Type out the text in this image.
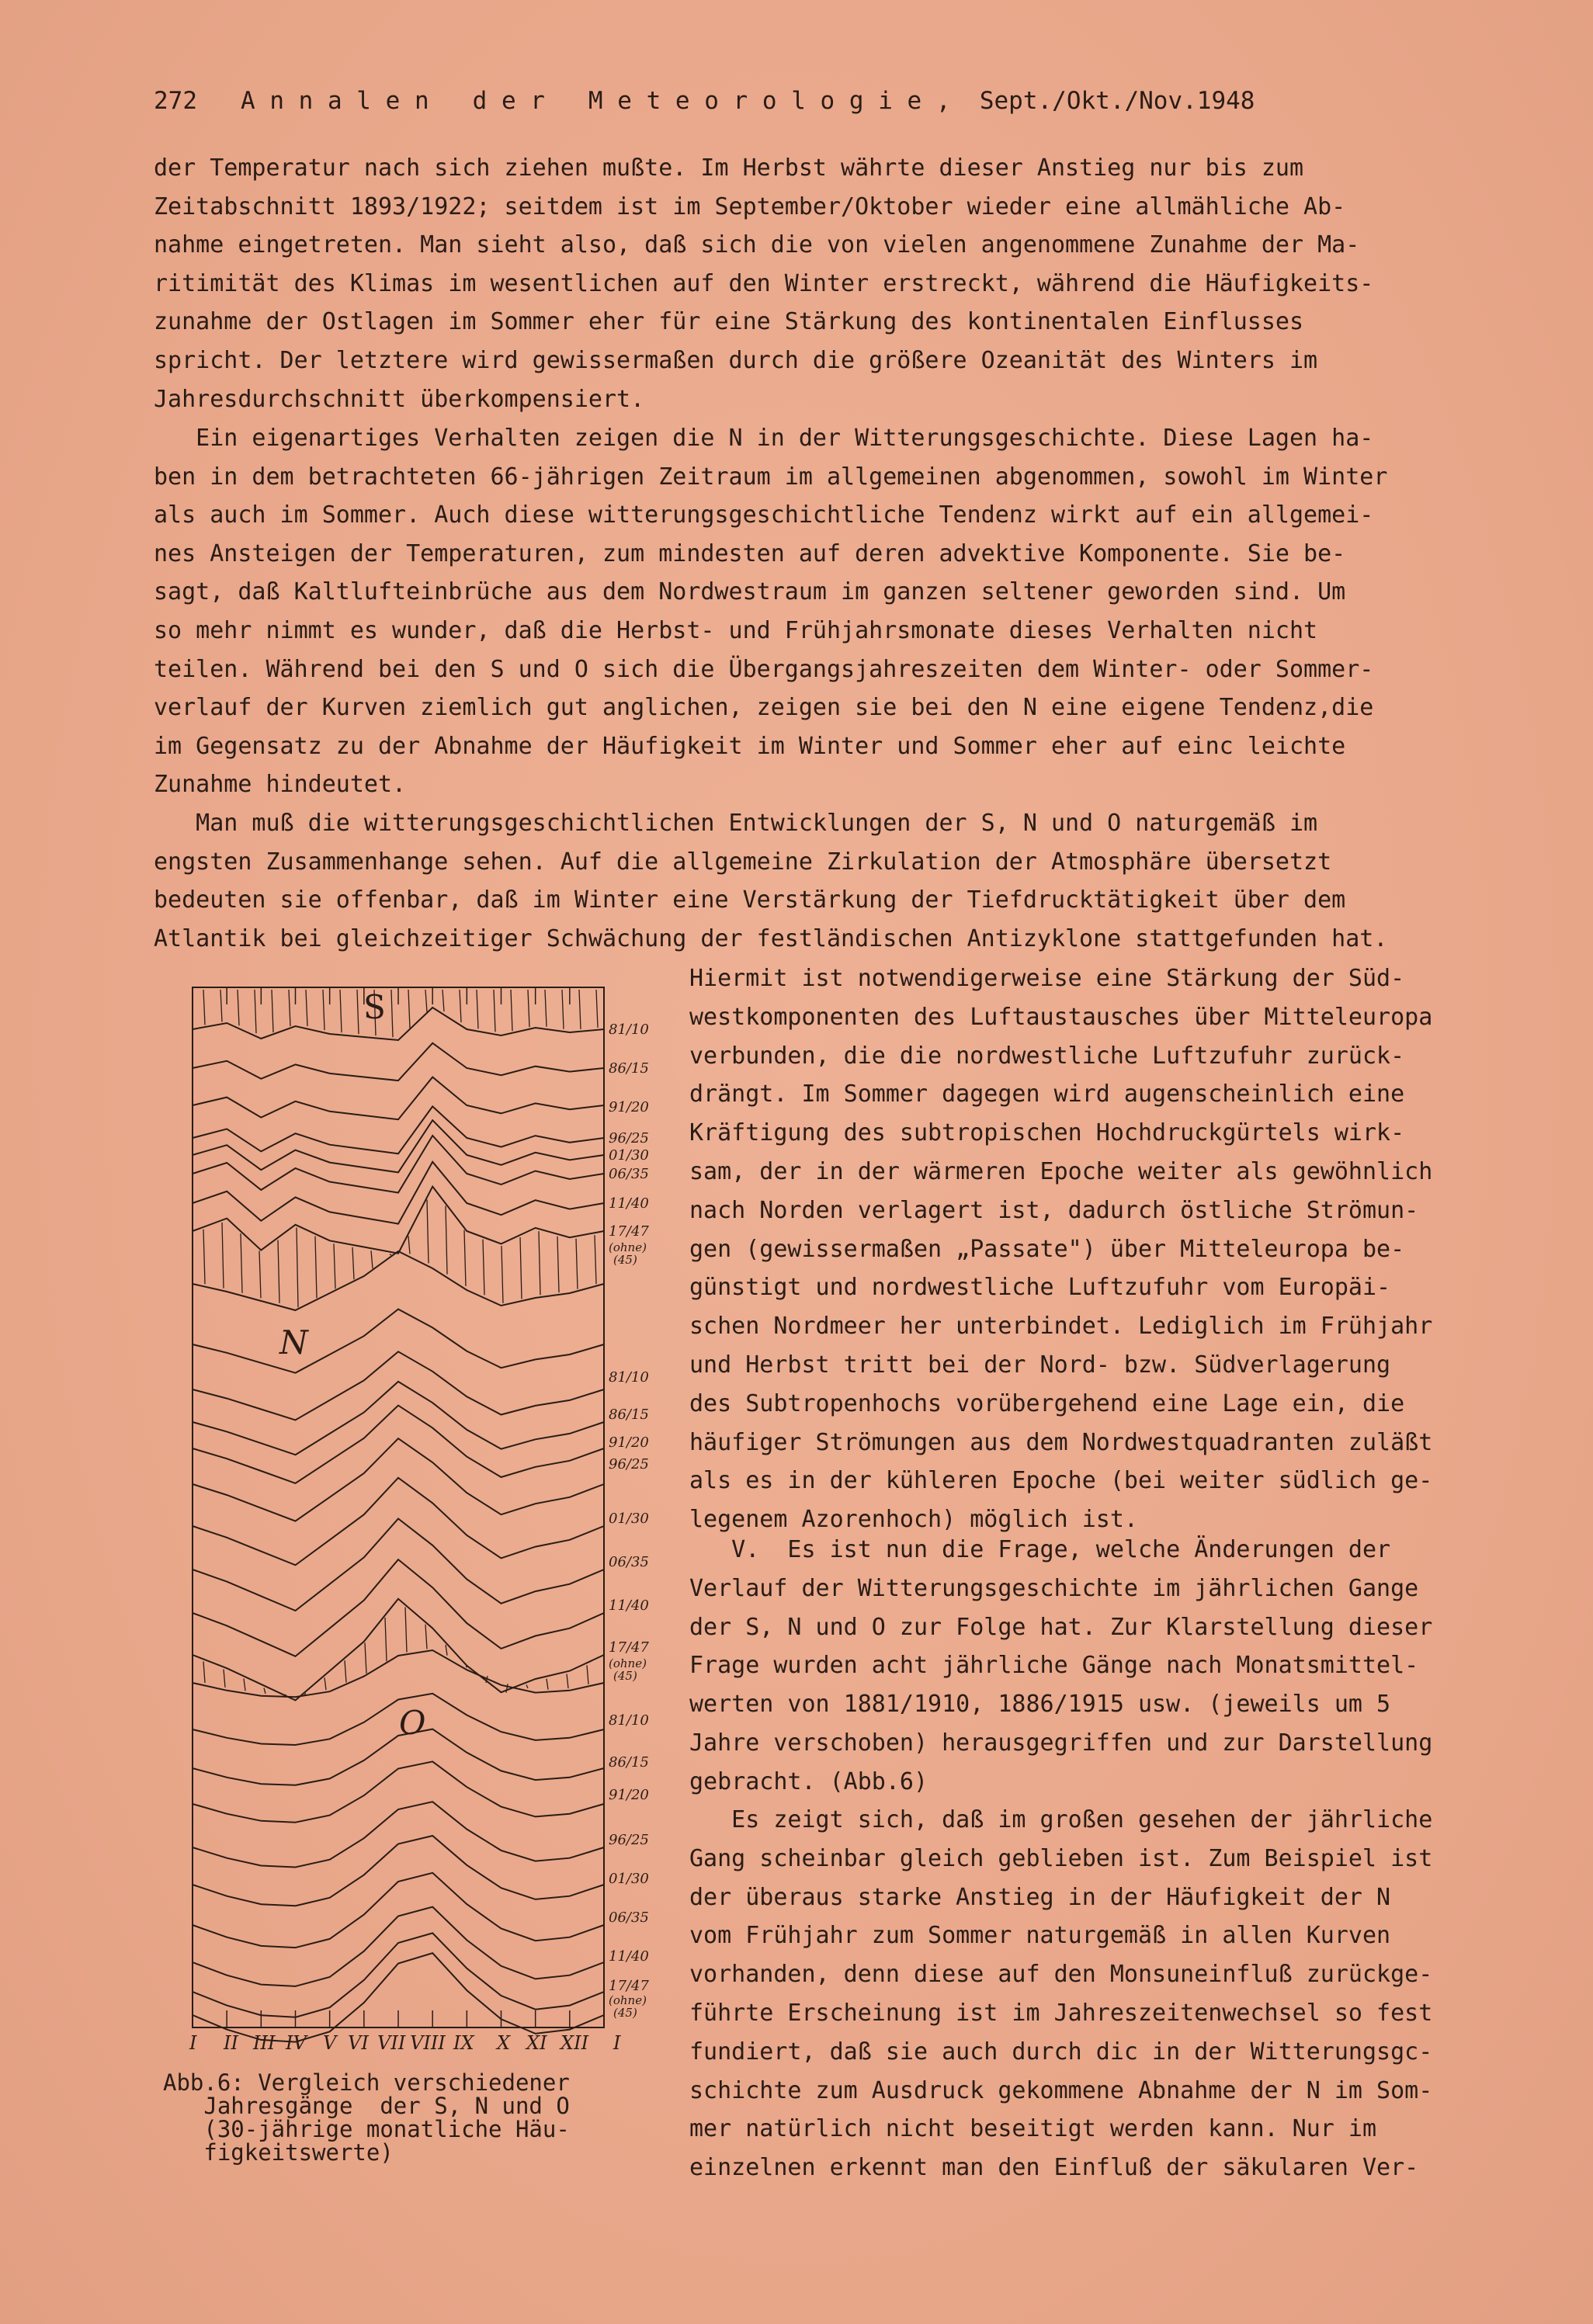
272 A n n a l e n   d e r   M e t e o r o l o g i e , Sept./Okt./Nov.1948
der Temperatur nach sich ziehen mußte. Im Herbst währte dieser Anstieg nur bis zum
Zeitabschnitt 1893/1922; seitdem ist im September/Oktober wieder eine allmähliche Ab-
nahme eingetreten. Man sieht also, daß sich die von vielen angenommene Zunahme der Ma-
ritimität des Klimas im wesentlichen auf den Winter erstreckt, während die Häufigkeits-
zunahme der Ostlagen im Sommer eher für eine Stärkung des kontinentalen Einflusses
spricht. Der letztere wird gewissermaßen durch die größere Ozeanität des Winters im
Jahresdurchschnitt überkompensiert.
Ein eigenartiges Verhalten zeigen die N in der Witterungsgeschichte. Diese Lagen ha-
ben in dem betrachteten 66-jährigen Zeitraum im allgemeinen abgenommen, sowohl im Winter
als auch im Sommer. Auch diese witterungsgeschichtliche Tendenz wirkt auf ein allgemei-
nes Ansteigen der Temperaturen, zum mindesten auf deren advektive Komponente. Sie be-
sagt, daß Kaltlufteinbrüche aus dem Nordwestraum im ganzen seltener geworden sind. Um
so mehr nimmt es wunder, daß die Herbst- und Frühjahrsmonate dieses Verhalten nicht
teilen. Während bei den S und O sich die Übergangsjahreszeiten dem Winter- oder Sommer-
verlauf der Kurven ziemlich gut anglichen, zeigen sie bei den N eine eigene Tendenz,die
im Gegensatz zu der Abnahme der Häufigkeit im Winter und Sommer eher auf einc leichte
Zunahme hindeutet.
Man muß die witterungsgeschichtlichen Entwicklungen der S, N und O naturgemäß im
engsten Zusammenhange sehen. Auf die allgemeine Zirkulation der Atmosphäre übersetzt
bedeuten sie offenbar, daß im Winter eine Verstärkung der Tiefdrucktätigkeit über dem
Atlantik bei gleichzeitiger Schwächung der festländischen Antizyklone stattgefunden hat.
Hiermit ist notwendigerweise eine Stärkung der Süd-
westkomponenten des Luftaustausches über Mitteleuropa
verbunden, die die nordwestliche Luftzufuhr zurück-
drängt. Im Sommer dagegen wird augenscheinlich eine
Kräftigung des subtropischen Hochdruckgürtels wirk-
sam, der in der wärmeren Epoche weiter als gewöhnlich
nach Norden verlagert ist, dadurch östliche Strömun-
gen (gewissermaßen „Passate") über Mitteleuropa be-
günstigt und nordwestliche Luftzufuhr vom Europäi-
schen Nordmeer her unterbindet. Lediglich im Frühjahr
und Herbst tritt bei der Nord- bzw. Südverlagerung
des Subtropenhochs vorübergehend eine Lage ein, die
häufiger Strömungen aus dem Nordwestquadranten zuläßt
als es in der kühleren Epoche (bei weiter südlich ge-
legenem Azorenhoch) möglich ist.
V.  Es ist nun die Frage, welche Änderungen der
Verlauf der Witterungsgeschichte im jährlichen Gange
der S, N und O zur Folge hat. Zur Klarstellung dieser
Frage wurden acht jährliche Gänge nach Monatsmittel-
werten von 1881/1910, 1886/1915 usw. (jeweils um 5
Jahre verschoben) herausgegriffen und zur Darstellung
gebracht. (Abb.6)
Es zeigt sich, daß im großen gesehen der jährliche
Gang scheinbar gleich geblieben ist. Zum Beispiel ist
der überaus starke Anstieg in der Häufigkeit der N
vom Frühjahr zum Sommer naturgemäß in allen Kurven
vorhanden, denn diese auf den Monsuneinfluß zurückge-
führte Erscheinung ist im Jahreszeitenwechsel so fest
fundiert, daß sie auch durch dic in der Witterungsgc-
schichte zum Ausdruck gekommene Abnahme der N im Som-
mer natürlich nicht beseitigt werden kann. Nur im
einzelnen erkennt man den Einfluß der säkularen Ver-
S
N
O
81/10
86/15
91/20
96/25
01/30
06/35
11/40
17/47
(ohne)
(45)
81/10
86/15
91/20
96/25
01/30
06/35
11/40
17/47
(ohne)
(45)
81/10
86/15
91/20
96/25
01/30
06/35
11/40
17/47
(ohne)
(45)
I II III IV V VI VII VIII IX X XI XII I
Abb.6: Vergleich verschiedener
Jahresgänge  der S, N und O
(30-jährige monatliche Häu-
figkeitswerte)
